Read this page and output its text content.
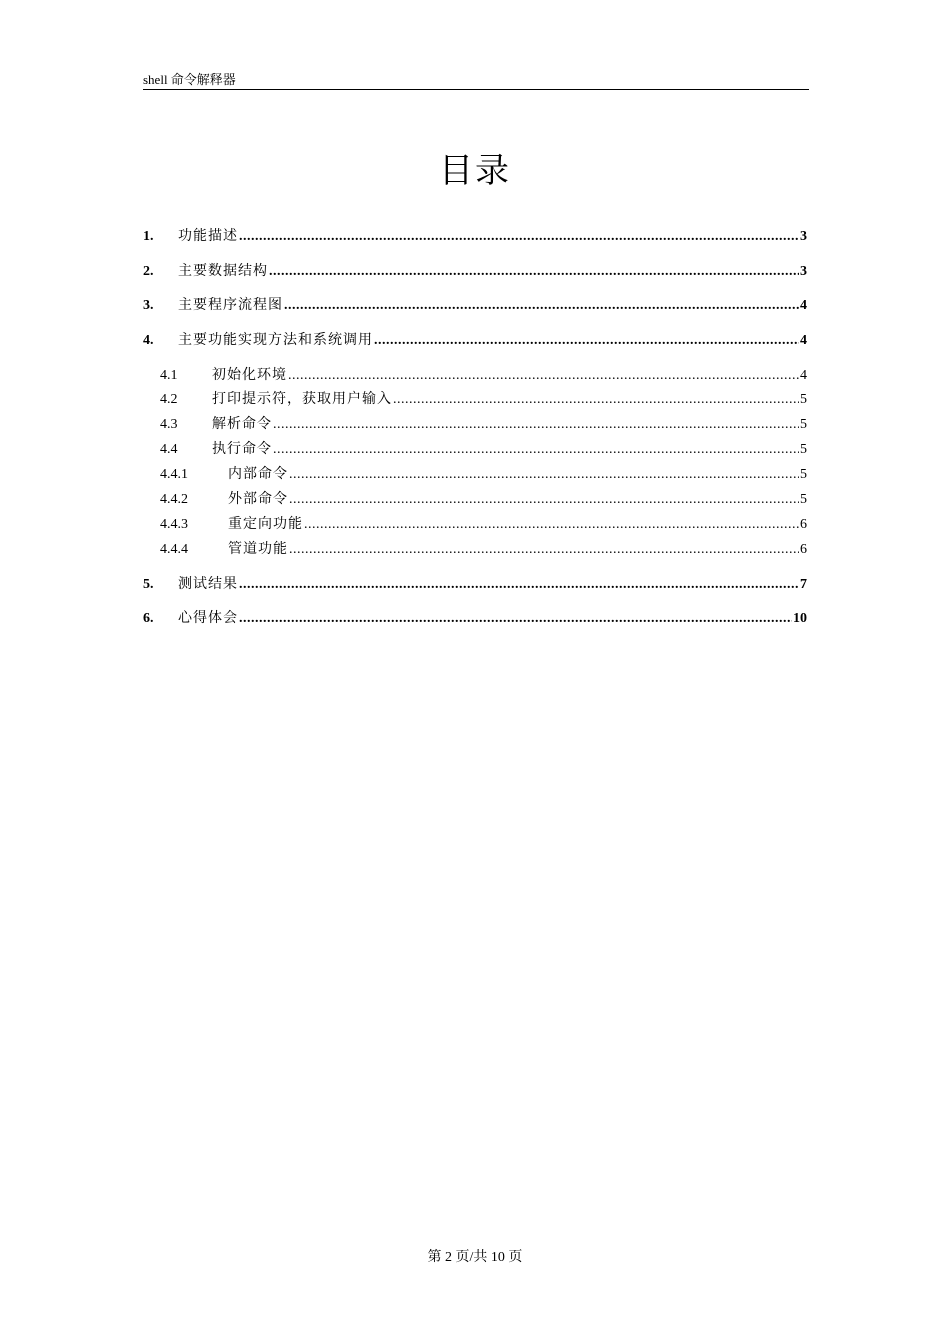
shell 命令解释器
目录
1.	功能描述 .....	3
2.	主要数据结构 .....	3
3.	主要程序流程图 .....	4
4.	主要功能实现方法和系统调用 .....	4
4.1	初始化环境 .....	4
4.2	打印提示符，获取用户输入 .....	5
4.3	解析命令 .....	5
4.4	执行命令 .....	5
4.4.1	内部命令 .....	5
4.4.2	外部命令 .....	5
4.4.3	重定向功能 .....	6
4.4.4	管道功能 .....	6
5.	测试结果 .....	7
6.	心得体会 .....	10
第 2 页/共 10 页
